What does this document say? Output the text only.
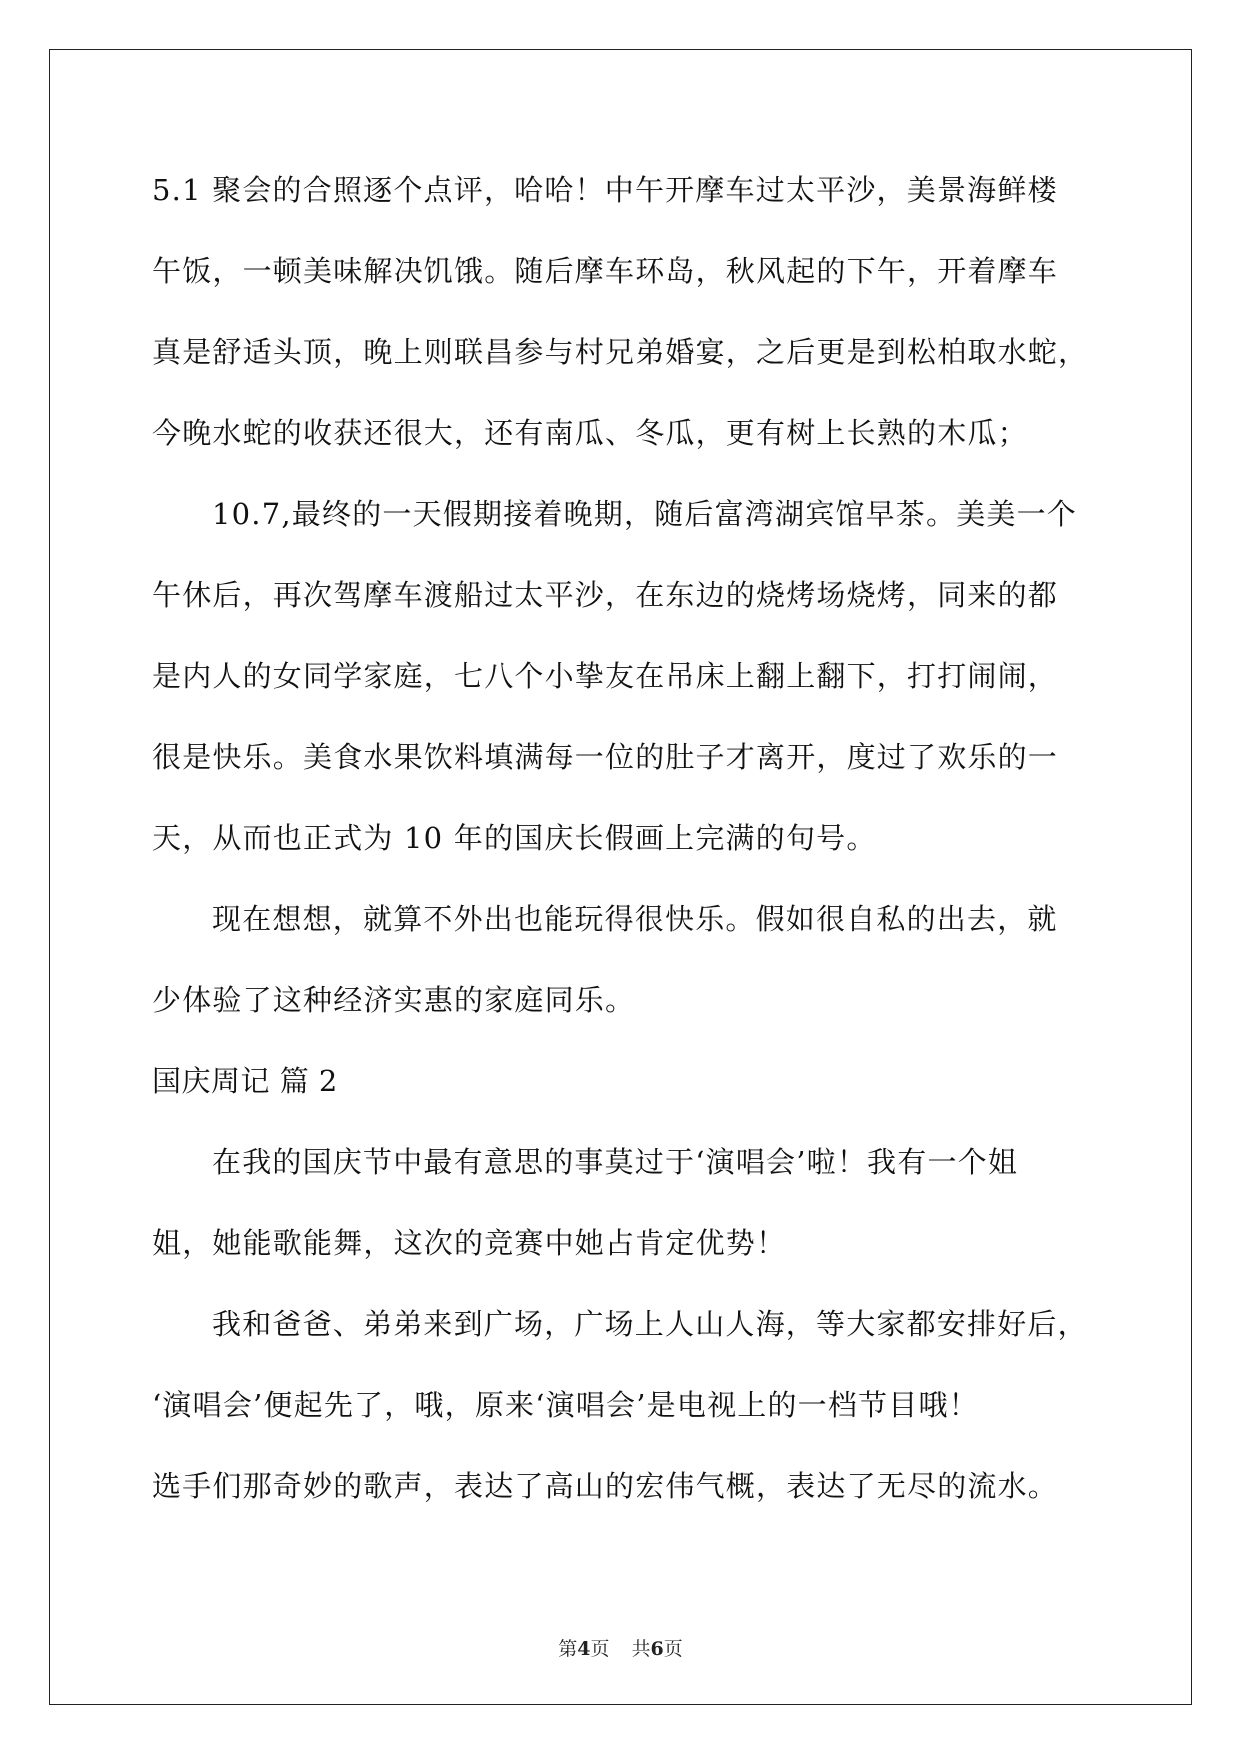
5.1 聚会的合照逐个点评，哈哈！中午开摩车过太平沙，美景海鲜楼
午饭，一顿美味解决饥饿。随后摩车环岛，秋风起的下午，开着摩车
真是舒适头顶，晚上则联昌参与村兄弟婚宴，之后更是到松柏取水蛇，
今晚水蛇的收获还很大，还有南瓜、冬瓜，更有树上长熟的木瓜；
10.7,最终的一天假期接着晚期，随后富湾湖宾馆早茶。美美一个
午休后，再次驾摩车渡船过太平沙，在东边的烧烤场烧烤，同来的都
是内人的女同学家庭，七八个小挚友在吊床上翻上翻下，打打闹闹，
很是快乐。美食水果饮料填满每一位的肚子才离开，度过了欢乐的一
天，从而也正式为 10 年的国庆长假画上完满的句号。
现在想想，就算不外出也能玩得很快乐。假如很自私的出去，就
少体验了这种经济实惠的家庭同乐。
国庆周记 篇 2
在我的国庆节中最有意思的事莫过于‘演唱会’啦！我有一个姐
姐，她能歌能舞，这次的竞赛中她占肯定优势！
我和爸爸、弟弟来到广场，广场上人山人海，等大家都安排好后，
‘演唱会’便起先了，哦，原来‘演唱会’是电视上的一档节目哦！
选手们那奇妙的歌声，表达了高山的宏伟气概，表达了无尽的流水。
第4页 共6页
